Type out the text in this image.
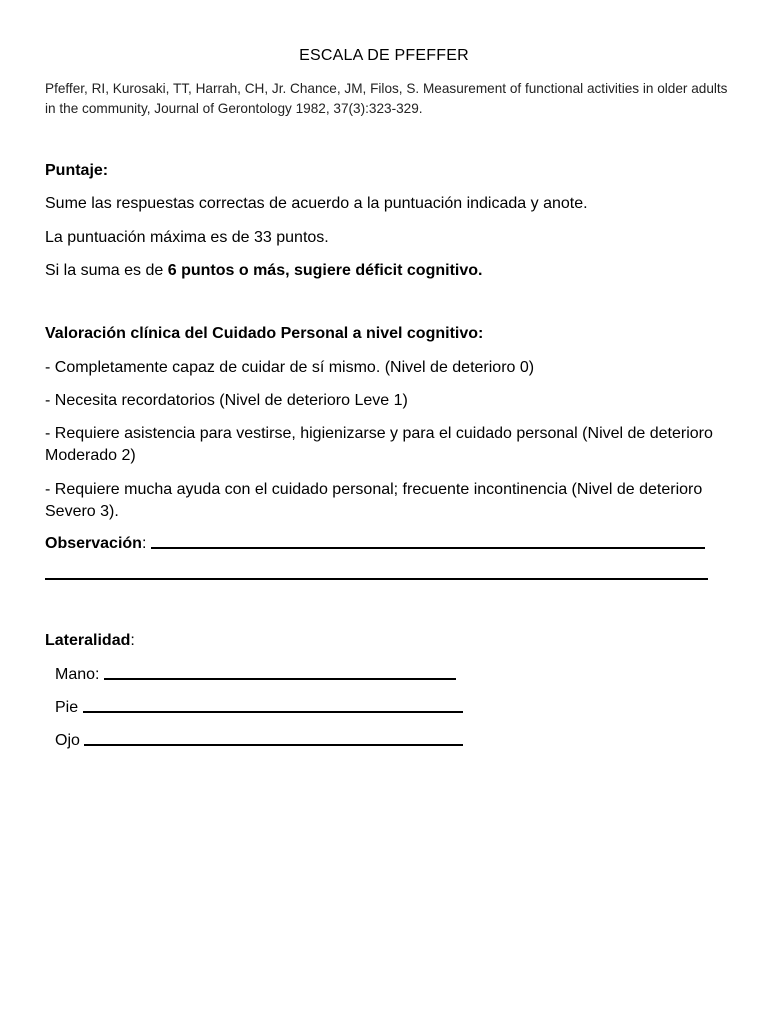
ESCALA DE PFEFFER
Pfeffer, RI, Kurosaki, TT, Harrah, CH, Jr. Chance, JM, Filos, S. Measurement of functional activities in older adults in the community, Journal of Gerontology 1982, 37(3):323-329.
Puntaje:
Sume las respuestas correctas de acuerdo a la puntuación indicada y anote.
La puntuación máxima es de 33 puntos.
Si la suma es de 6 puntos o más, sugiere déficit cognitivo.
Valoración clínica del Cuidado Personal a nivel cognitivo:
- Completamente capaz de cuidar de sí mismo. (Nivel de deterioro 0)
- Necesita recordatorios (Nivel de deterioro Leve 1)
- Requiere asistencia para vestirse, higienizarse y para el cuidado personal (Nivel de deterioro Moderado 2)
- Requiere mucha ayuda con el cuidado personal; frecuente incontinencia (Nivel de deterioro Severo 3).
Observación:
Lateralidad:
Mano:
Pie
Ojo
